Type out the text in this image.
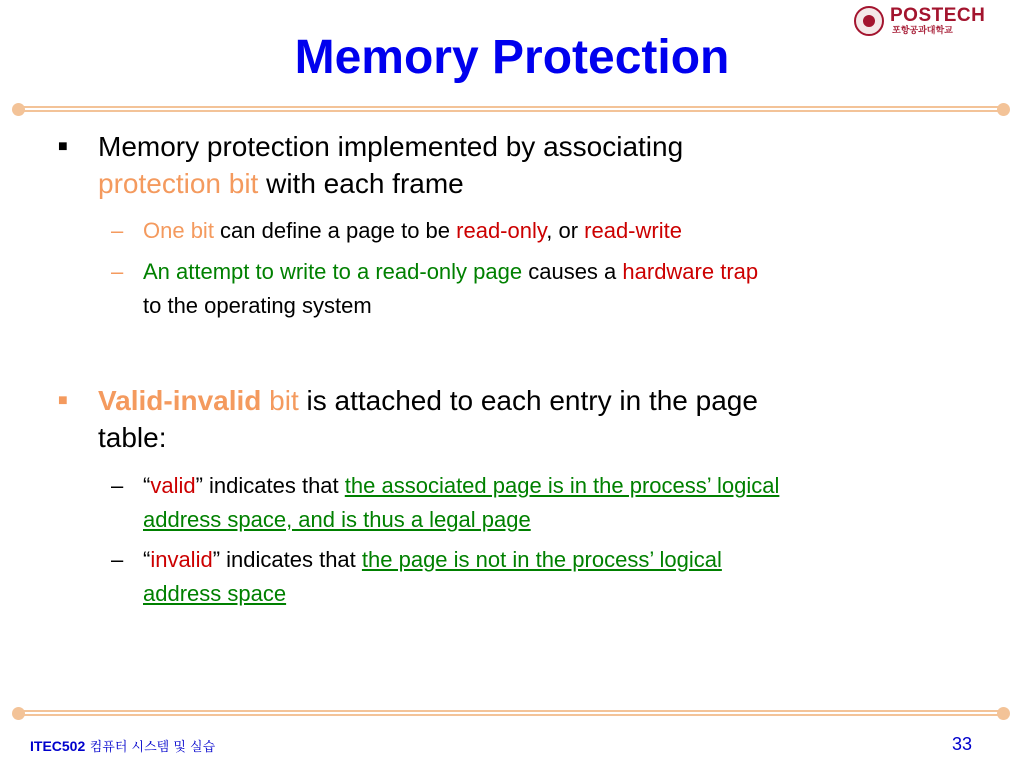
Memory Protection
POSTECH
포항공과대학교
■	Memory protection implemented by associating
protection bit with each frame
– One bit can define a page to be read-only, or read-write
– An attempt to write to a read-only page causes a hardware trap
to the operating system
■	Valid-invalid bit is attached to each entry in the page
table:
– “valid” indicates that the associated page is in the process’ logical
address space, and is thus a legal page
– “invalid” indicates that the page is not in the process’ logical
address space
ITEC502 컴퓨터 시스템 및 실습	33
